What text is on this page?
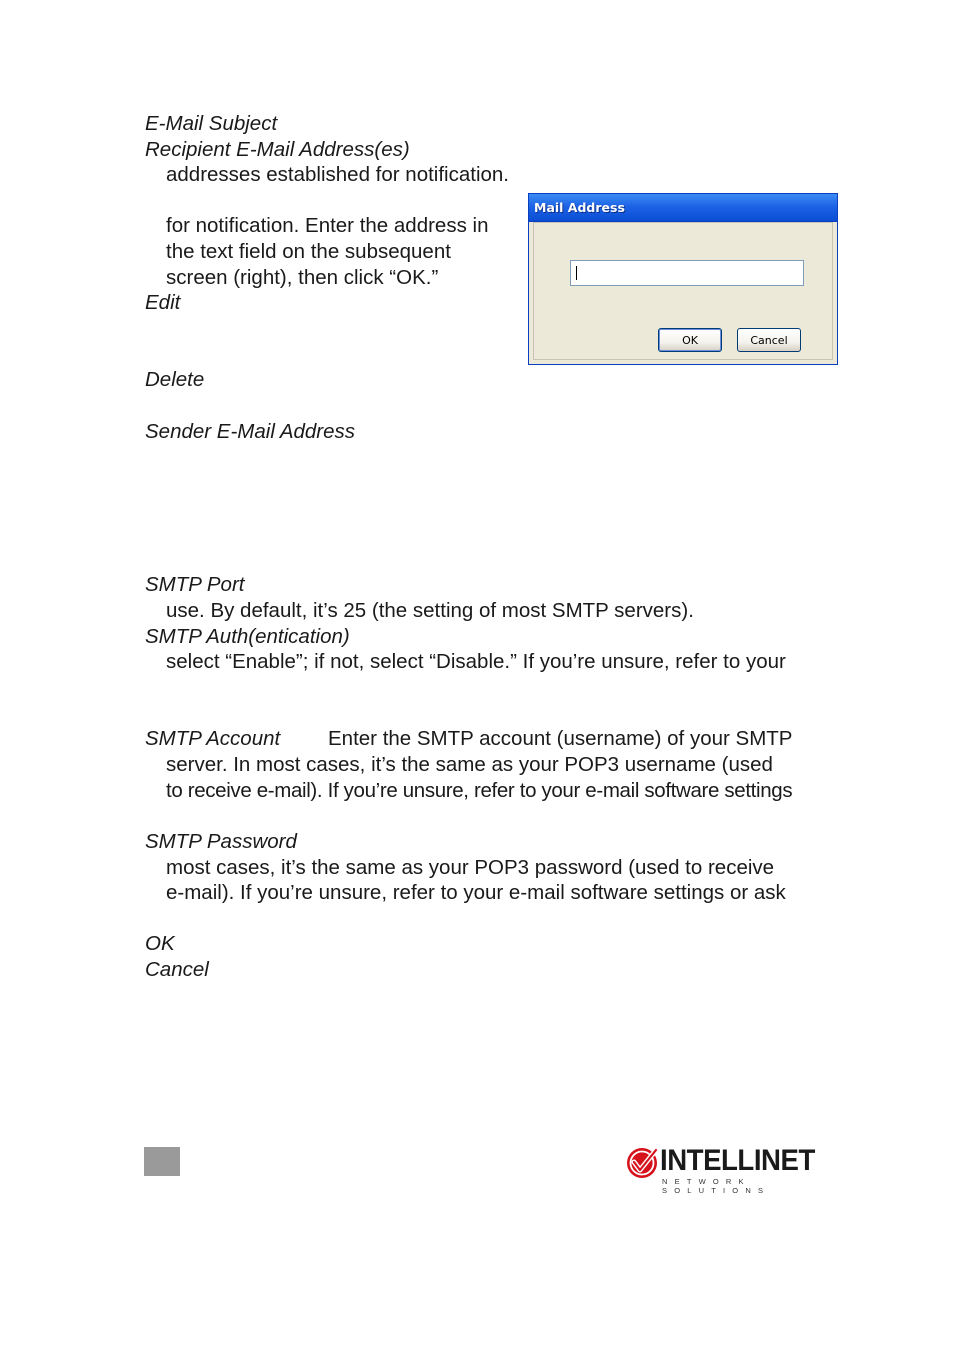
E-Mail Subject
Recipient E-Mail Address(es)
addresses established for notification.
for notification. Enter the address in
the text field on the subsequent
screen (right), then click “OK.”
Edit
Delete
Sender E-Mail Address
SMTP Port
use. By default, it’s 25 (the setting of most SMTP servers).
SMTP Auth(entication)
select “Enable”; if not, select “Disable.” If you’re unsure, refer to your
SMTP Account Enter the SMTP account (username) of your SMTP
server. In most cases, it’s the same as your POP3 username (used
to receive e-mail). If you’re unsure, refer to your e-mail software settings
SMTP Password
most cases, it’s the same as your POP3 password (used to receive
e-mail). If you’re unsure, refer to your e-mail software settings or ask
OK
Cancel
Mail Address
OK	Cancel
INTELLINET
NETWORK SOLUTIONS
